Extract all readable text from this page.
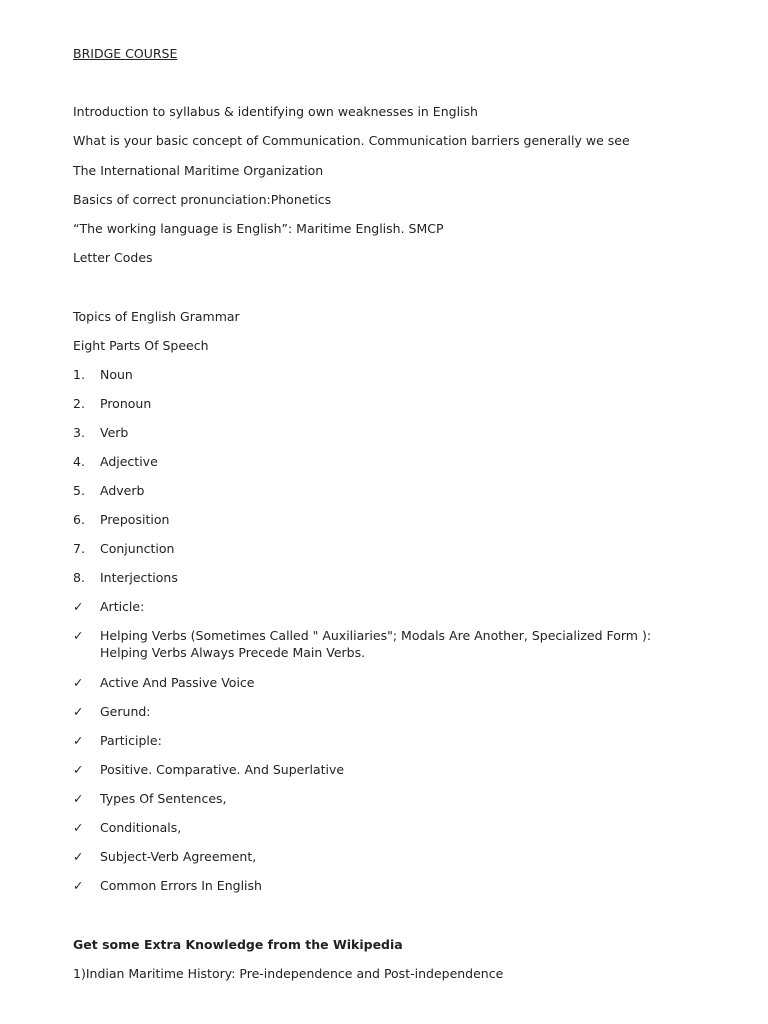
BRIDGE COURSE
Introduction to syllabus & identifying own weaknesses in English
What is your basic concept of Communication. Communication barriers generally we see
The International Maritime Organization
Basics of correct pronunciation:Phonetics
“The working language is English”: Maritime English. SMCP
Letter Codes
Topics of English Grammar
Eight Parts Of Speech
1.	Noun
2.	Pronoun
3.	Verb
4.	Adjective
5.	Adverb
6.	Preposition
7.	Conjunction
8.	Interjections
✓	Article:
✓	Helping Verbs (Sometimes Called " Auxiliaries"; Modals Are Another, Specialized Form ):
Helping Verbs Always Precede Main Verbs.
✓	Active And Passive Voice
✓	Gerund:
✓	Participle:
✓	Positive. Comparative. And Superlative
✓	Types Of Sentences,
✓	Conditionals,
✓	Subject-Verb Agreement,
✓	Common Errors In English
Get some Extra Knowledge from the Wikipedia
1)Indian Maritime History: Pre-independence and Post-independence
